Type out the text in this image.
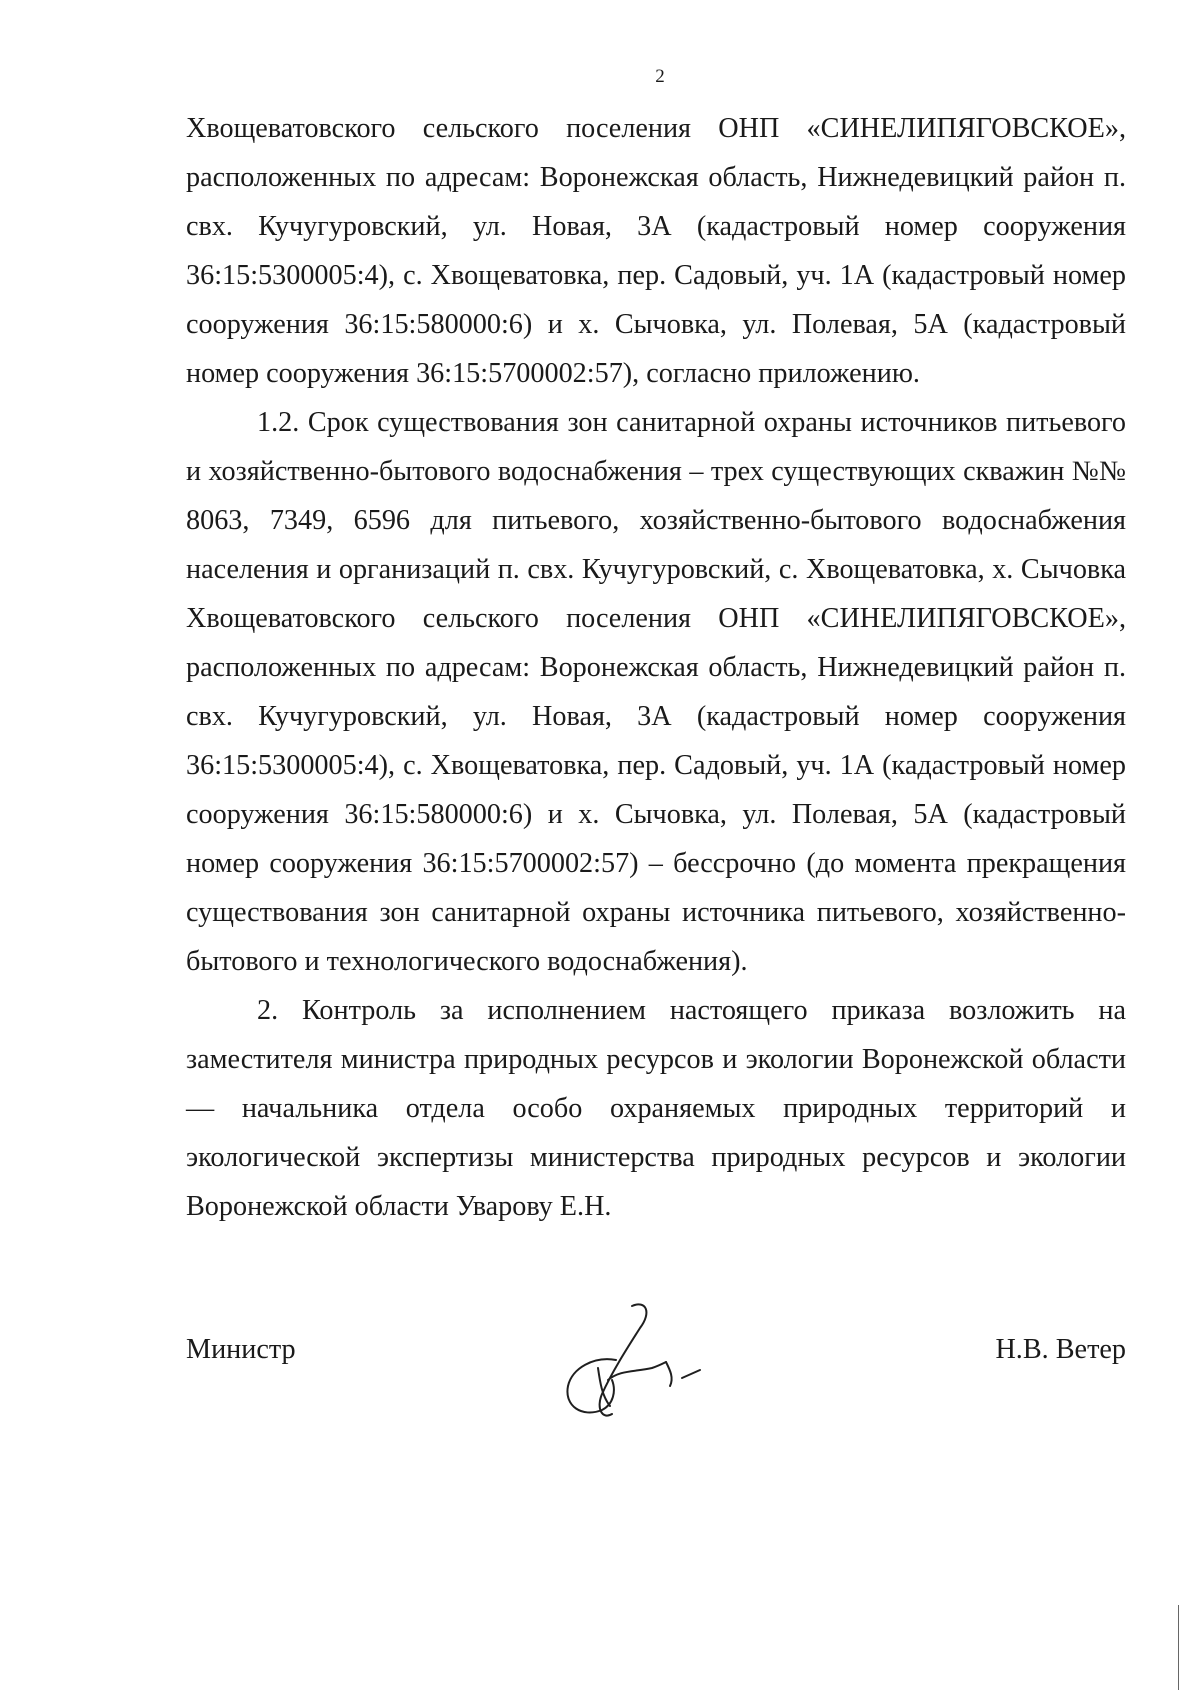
2

Хвощеватовского сельского поселения ОНП «СИНЕЛИПЯГОВСКОЕ», расположенных по адресам: Воронежская область, Нижнедевицкий район п. свх. Кучугуровский, ул. Новая, 3А (кадастровый номер сооружения 36:15:5300005:4), с. Хвощеватовка, пер. Садовый, уч. 1А (кадастровый номер сооружения 36:15:580000:6) и х. Сычовка, ул. Полевая, 5А (кадастровый номер сооружения 36:15:5700002:57), согласно приложению.

1.2. Срок существования зон санитарной охраны источников питьевого и хозяйственно-бытового водоснабжения – трех существующих скважин №№ 8063, 7349, 6596 для питьевого, хозяйственно-бытового водоснабжения населения и организаций п. свх. Кучугуровский, с. Хвощеватовка, х. Сычовка Хвощеватовского сельского поселения ОНП «СИНЕЛИПЯГОВСКОЕ», расположенных по адресам: Воронежская область, Нижнедевицкий район п. свх. Кучугуровский, ул. Новая, 3А (кадастровый номер сооружения 36:15:5300005:4), с. Хвощеватовка, пер. Садовый, уч. 1А (кадастровый номер сооружения 36:15:580000:6) и х. Сычовка, ул. Полевая, 5А (кадастровый номер сооружения 36:15:5700002:57) – бессрочно (до момента прекращения существования зон санитарной охраны источника питьевого, хозяйственно-бытового и технологического водоснабжения).

2. Контроль за исполнением настоящего приказа возложить на заместителя министра природных ресурсов и экологии Воронежской области — начальника отдела особо охраняемых природных территорий и экологической экспертизы министерства природных ресурсов и экологии Воронежской области Уварову Е.Н.

Министр	Н.В. Ветер
